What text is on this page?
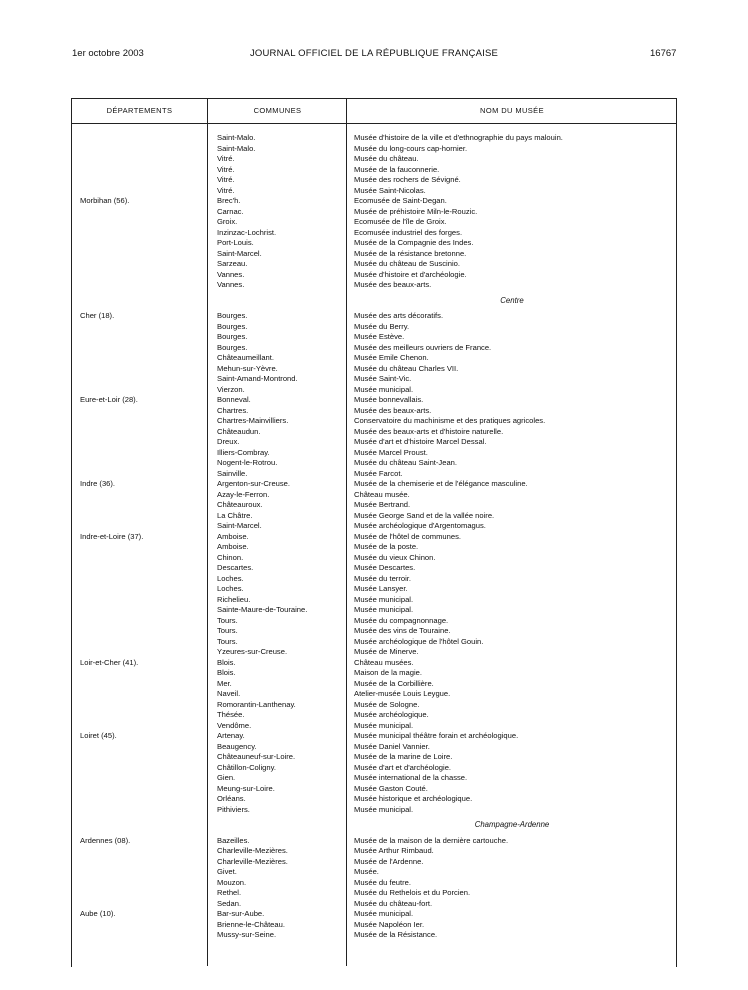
1er octobre 2003	JOURNAL OFFICIEL DE LA RÉPUBLIQUE FRANÇAISE	16767
DÉPARTEMENTS	COMMUNES	NOM DU MUSÉE
Saint-Malo.	Musée d'histoire de la ville et d'ethnographie du pays malouin.
Saint-Malo.	Musée du long-cours cap-hornier.
Vitré.	Musée du château.
Vitré.	Musée de la fauconnerie.
Vitré.	Musée des rochers de Sévigné.
Vitré.	Musée Saint-Nicolas.
Morbihan (56).	Brec'h.	Ecomusée de Saint-Degan.
Carnac.	Musée de préhistoire Miln-le-Rouzic.
Groix.	Ecomusée de l'île de Groix.
Inzinzac-Lochrist.	Ecomusée industriel des forges.
Port-Louis.	Musée de la Compagnie des Indes.
Saint-Marcel.	Musée de la résistance bretonne.
Sarzeau.	Musée du château de Suscinio.
Vannes.	Musée d'histoire et d'archéologie.
Vannes.	Musée des beaux-arts.
Centre
Cher (18).	Bourges.	Musée des arts décoratifs.
Bourges.	Musée du Berry.
Bourges.	Musée Estève.
Bourges.	Musée des meilleurs ouvriers de France.
Châteaumeillant.	Musée Emile Chenon.
Mehun-sur-Yèvre.	Musée du château Charles VII.
Saint-Amand-Montrond.	Musée Saint-Vic.
Vierzon.	Musée municipal.
Eure-et-Loir (28).	Bonneval.	Musée bonnevallais.
Chartres.	Musée des beaux-arts.
Chartres-Mainvilliers.	Conservatoire du machinisme et des pratiques agricoles.
Châteaudun.	Musée des beaux-arts et d'histoire naturelle.
Dreux.	Musée d'art et d'histoire Marcel Dessal.
Illiers-Combray.	Musée Marcel Proust.
Nogent-le-Rotrou.	Musée du château Saint-Jean.
Sainville.	Musée Farcot.
Indre (36).	Argenton-sur-Creuse.	Musée de la chemiserie et de l'élégance masculine.
Azay-le-Ferron.	Château musée.
Châteauroux.	Musée Bertrand.
La Châtre.	Musée George Sand et de la vallée noire.
Saint-Marcel.	Musée archéologique d'Argentomagus.
Indre-et-Loire (37).	Amboise.	Musée de l'hôtel de communes.
Amboise.	Musée de la poste.
Chinon.	Musée du vieux Chinon.
Descartes.	Musée Descartes.
Loches.	Musée du terroir.
Loches.	Musée Lansyer.
Richelieu.	Musée municipal.
Sainte-Maure-de-Touraine.	Musée municipal.
Tours.	Musée du compagnonnage.
Tours.	Musée des vins de Touraine.
Tours.	Musée archéologique de l'hôtel Gouin.
Yzeures-sur-Creuse.	Musée de Minerve.
Loir-et-Cher (41).	Blois.	Château musées.
Blois.	Maison de la magie.
Mer.	Musée de la Corbillière.
Naveil.	Atelier-musée Louis Leygue.
Romorantin-Lanthenay.	Musée de Sologne.
Thésée.	Musée archéologique.
Vendôme.	Musée municipal.
Loiret (45).	Artenay.	Musée municipal théâtre forain et archéologique.
Beaugency.	Musée Daniel Vannier.
Châteauneuf-sur-Loire.	Musée de la marine de Loire.
Châtillon-Coligny.	Musée d'art et d'archéologie.
Gien.	Musée international de la chasse.
Meung-sur-Loire.	Musée Gaston Couté.
Orléans.	Musée historique et archéologique.
Pithiviers.	Musée municipal.
Champagne-Ardenne
Ardennes (08).	Bazeilles.	Musée de la maison de la dernière cartouche.
Charleville-Mezières.	Musée Arthur Rimbaud.
Charleville-Mezières.	Musée de l'Ardenne.
Givet.	Musée.
Mouzon.	Musée du feutre.
Rethel.	Musée du Rethelois et du Porcien.
Sedan.	Musée du château-fort.
Aube (10).	Bar-sur-Aube.	Musée municipal.
Brienne-le-Château.	Musée Napoléon Ier.
Mussy-sur-Seine.	Musée de la Résistance.
